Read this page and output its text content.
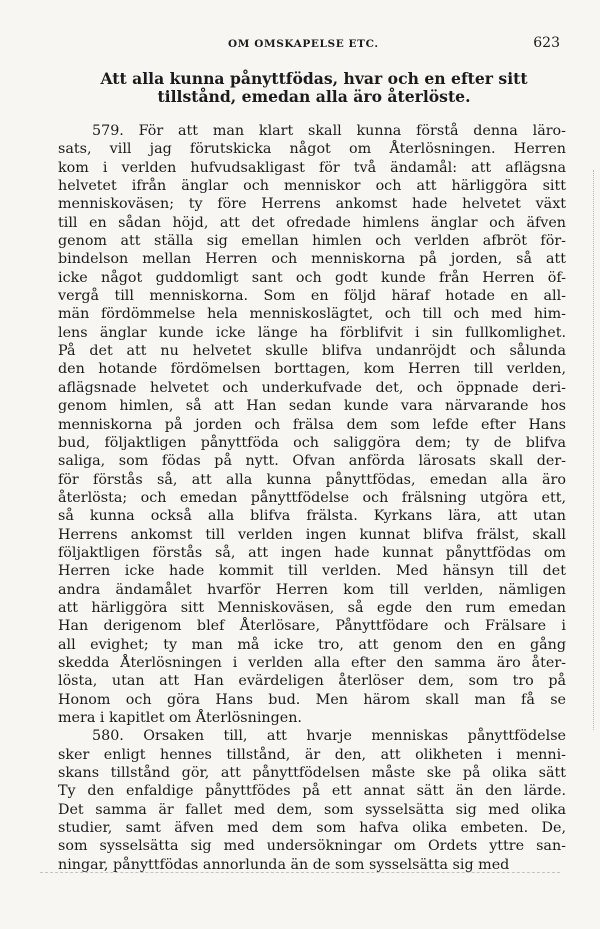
OM OMSKAPELSE ETC.	623
Att alla kunna pånyttfödas, hvar och en efter sitt
tillstånd, emedan alla äro återlöste.
579. För att man klart skall kunna förstå denna läro-
sats, vill jag förutskicka något om Återlösningen. Herren
kom i verlden hufvudsakligast för två ändamål: att aflägsna
helvetet ifrån änglar och menniskor och att härliggöra sitt
menniskoväsen; ty före Herrens ankomst hade helvetet växt
till en sådan höjd, att det ofredade himlens änglar och äfven
genom att ställa sig emellan himlen och verlden afbröt för-
bindelson mellan Herren och menniskorna på jorden, så att
icke något guddomligt sant och godt kunde från Herren öf-
vergå till menniskorna. Som en följd häraf hotade en all-
män fördömmelse hela menniskoslägtet, och till och med him-
lens änglar kunde icke länge ha förblifvit i sin fullkomlighet.
På det att nu helvetet skulle blifva undanröjdt och sålunda
den hotande fördömelsen borttagen, kom Herren till verlden,
aflägsnade helvetet och underkufvade det, och öppnade deri-
genom himlen, så att Han sedan kunde vara närvarande hos
menniskorna på jorden och frälsa dem som lefde efter Hans
bud, följaktligen pånyttföda och saliggöra dem; ty de blifva
saliga, som födas på nytt. Ofvan anförda lärosats skall der-
för förstås så, att alla kunna pånyttfödas, emedan alla äro
återlösta; och emedan pånyttfödelse och frälsning utgöra ett,
så kunna också alla blifva frälsta. Kyrkans lära, att utan
Herrens ankomst till verlden ingen kunnat blifva frälst, skall
följaktligen förstås så, att ingen hade kunnat pånyttfödas om
Herren icke hade kommit till verlden. Med hänsyn till det
andra ändamålet hvarför Herren kom till verlden, nämligen
att härliggöra sitt Menniskoväsen, så egde den rum emedan
Han derigenom blef Återlösare, Pånyttfödare och Frälsare i
all evighet; ty man må icke tro, att genom den en gång
skedda Återlösningen i verlden alla efter den samma äro åter-
lösta, utan att Han evärdeligen återlöser dem, som tro på
Honom och göra Hans bud. Men härom skall man få se
mera i kapitlet om Återlösningen.
580. Orsaken till, att hvarje menniskas pånyttfödelse
sker enligt hennes tillstånd, är den, att olikheten i menni-
skans tillstånd gör, att pånyttfödelsen måste ske på olika sätt
Ty den enfaldige pånyttfödes på ett annat sätt än den lärde.
Det samma är fallet med dem, som sysselsätta sig med olika
studier, samt äfven med dem som hafva olika embeten. De,
som sysselsätta sig med undersökningar om Ordets yttre san-
ningar, pånyttfödas annorlunda än de som sysselsätta sig med
